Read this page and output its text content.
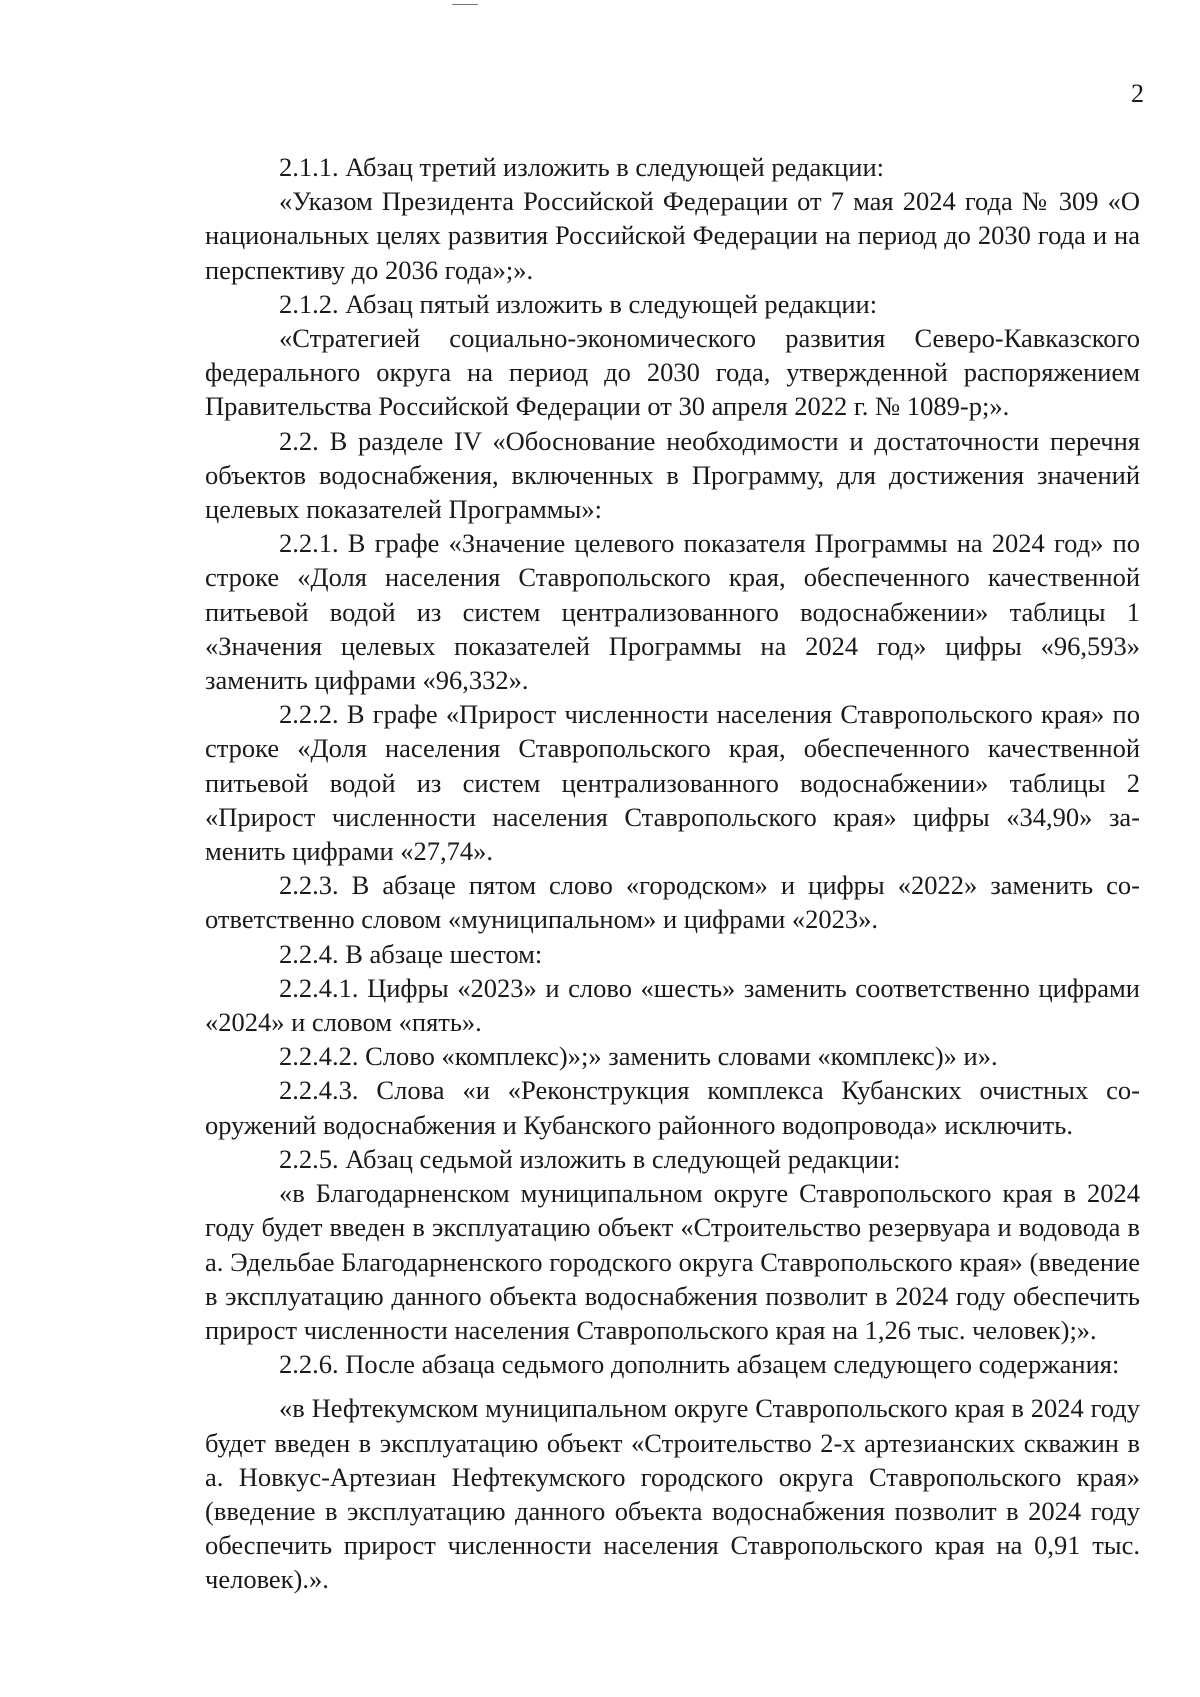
2

2.1.1. Абзац третий изложить в следующей редакции:

«Указом Президента Российской Федерации от 7 мая 2024 года № 309 «О национальных целях развития Российской Федерации на период до 2030 года и на перспективу до 2036 года»;».

2.1.2. Абзац пятый изложить в следующей редакции:

«Стратегией социально-экономического развития Северо-Кавказского федерального округа на период до 2030 года, утвержденной распоряжением Правительства Российской Федерации от 30 апреля 2022 г. № 1089-р;».

2.2. В разделе IV «Обоснование необходимости и достаточности перечня объектов водоснабжения, включенных в Программу, для достижения значений целевых показателей Программы»:

2.2.1. В графе «Значение целевого показателя Программы на 2024 год» по строке «Доля населения Ставропольского края, обеспеченного качественной питьевой водой из систем централизованного водоснабжении» таблицы 1 «Значения целевых показателей Программы на 2024 год» цифры «96,593» заменить цифрами «96,332».

2.2.2. В графе «Прирост численности населения Ставропольского края» по строке «Доля населения Ставропольского края, обеспеченного качественной питьевой водой из систем централизованного водоснабжении» таблицы 2 «Прирост численности населения Ставропольского края» цифры «34,90» заменить цифрами «27,74».

2.2.3. В абзаце пятом слово «городском» и цифры «2022» заменить соответственно словом «муниципальном» и цифрами «2023».

2.2.4. В абзаце шестом:

2.2.4.1. Цифры «2023» и слово «шесть» заменить соответственно цифрами «2024» и словом «пять».

2.2.4.2. Слово «комплекс)»;» заменить словами «комплекс)» и».

2.2.4.3. Слова «и «Реконструкция комплекса Кубанских очистных сооружений водоснабжения и Кубанского районного водопровода» исключить.

2.2.5. Абзац седьмой изложить в следующей редакции:

«в Благодарненском муниципальном округе Ставропольского края в 2024 году будет введен в эксплуатацию объект «Строительство резервуара и водовода в а. Эдельбае Благодарненского городского округа Ставропольского края» (введение в эксплуатацию данного объекта водоснабжения позволит в 2024 году обеспечить прирост численности населения Ставропольского края на 1,26 тыс. человек);».

2.2.6. После абзаца седьмого дополнить абзацем следующего содержания:

«в Нефтекумском муниципальном округе Ставропольского края в 2024 году будет введен в эксплуатацию объект «Строительство 2-х артезианских скважин в а. Новкус-Артезиан Нефтекумского городского округа Ставропольского края» (введение в эксплуатацию данного объекта водоснабжения позволит в 2024 году обеспечить прирост численности населения Ставропольского края на 0,91 тыс. человек).».
